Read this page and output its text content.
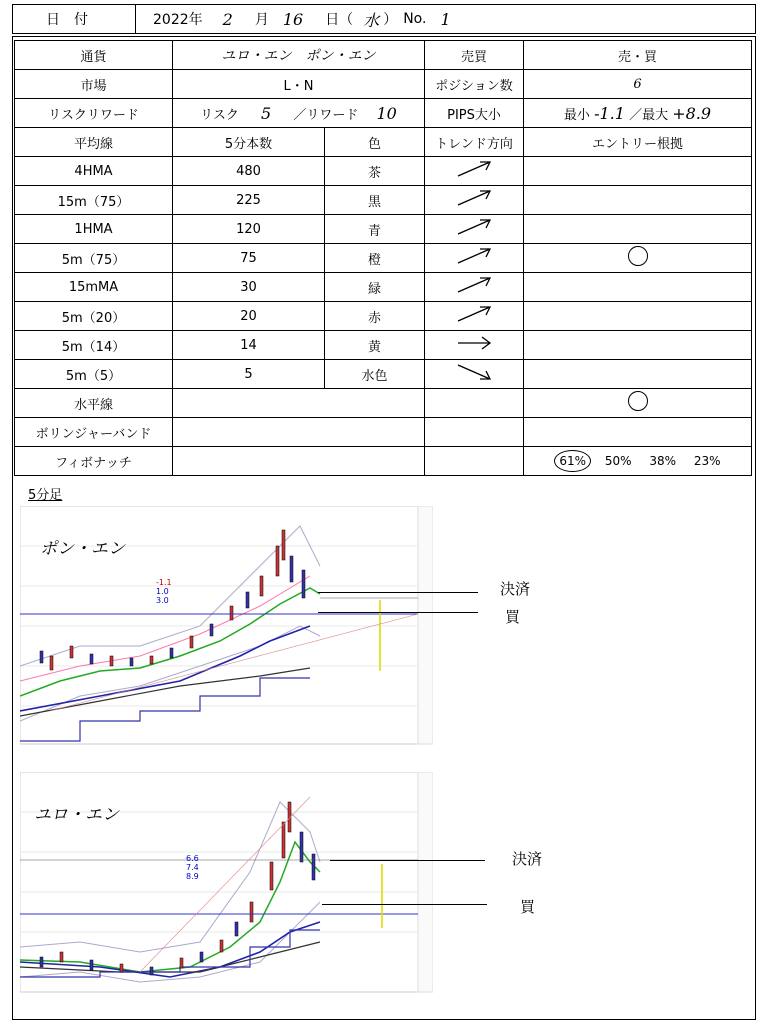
日付	2022年 2 月 16 日（ 水 ） No. 1
通貨	ユロ・エン　ポン・エン		売買	売・買
市場	L・N		ポジション数	6
リスクリワード	リスク 5 ／リワード 10		PIPS大小	最小 -1.1 ／最大 +8.9
平均線	5分本数	色	トレンド方向	エントリー根拠
4HMA	480	茶		
15m（75）	225	黒		
1HMA	120	青		
5m（75）	75	橙		
15mMA	30	緑		
5m（20）	20	赤		
5m（14）	14	黄		
5m（5）	5	水色		
水平線				
ボリンジャーバンド				
フィボナッチ				61% 50% 38% 23%
5分足
ポン・エン
-1.1
1.0
3.0
決済
買
ユロ・エン
6.6
7.4
8.9
決済
買
